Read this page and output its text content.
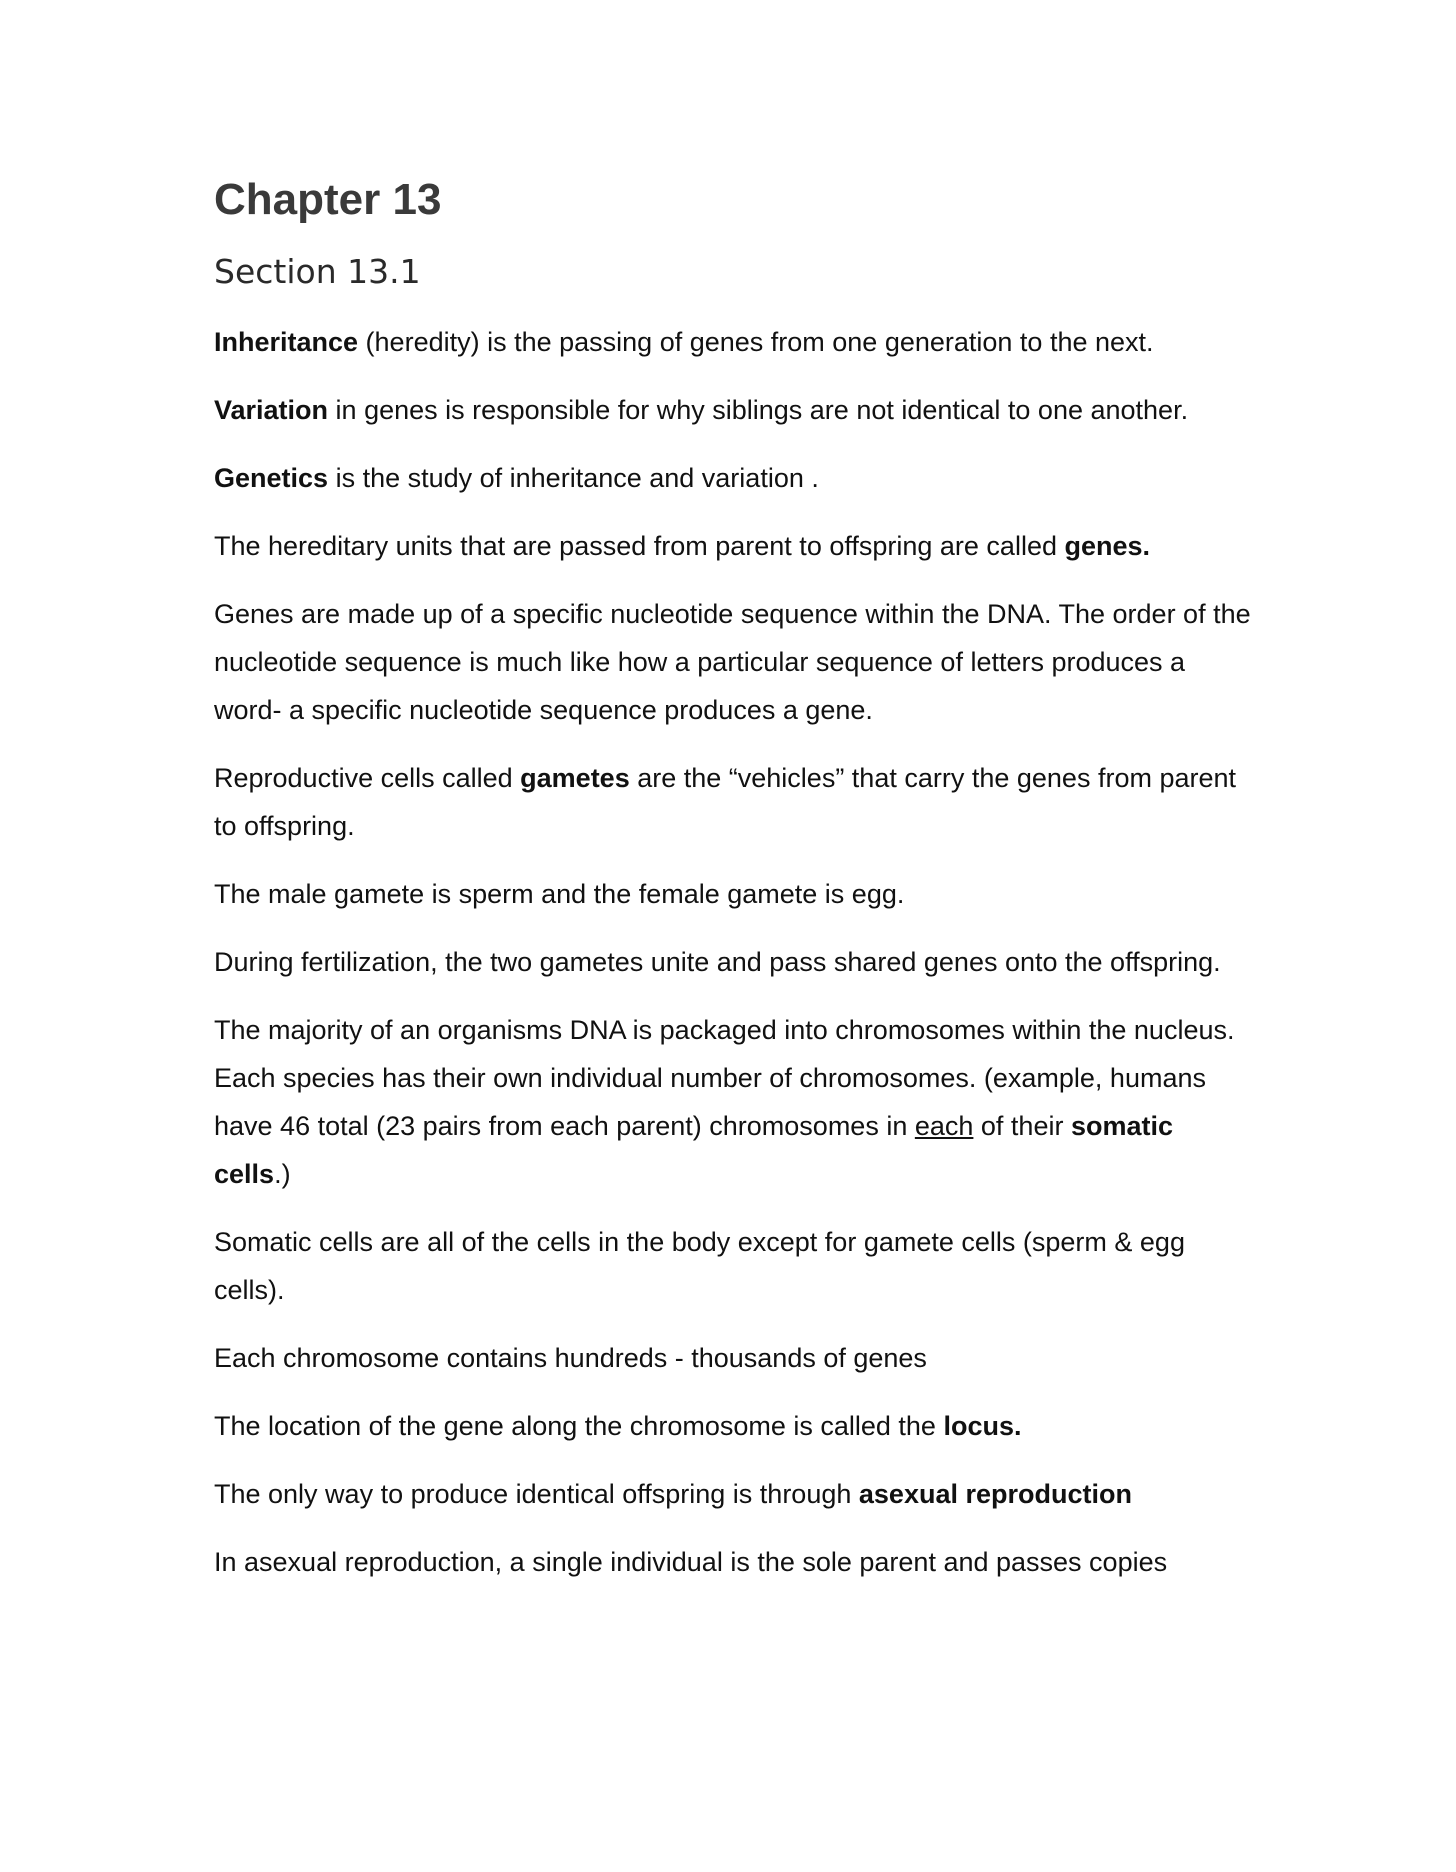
Chapter 13
Section 13.1

Inheritance (heredity) is the passing of genes from one generation to the next.

Variation in genes is responsible for why siblings are not identical to one another.

Genetics is the study of inheritance and variation .

The hereditary units that are passed from parent to offspring are called genes.

Genes are made up of a specific nucleotide sequence within the DNA. The order of the nucleotide sequence is much like how a particular sequence of letters produces a word- a specific nucleotide sequence produces a gene.

Reproductive cells called gametes are the “vehicles” that carry the genes from parent to offspring.

The male gamete is sperm and the female gamete is egg.

During fertilization, the two gametes unite and pass shared genes onto the offspring.

The majority of an organisms DNA is packaged into chromosomes within the nucleus. Each species has their own individual number of chromosomes. (example, humans have 46 total (23 pairs from each parent) chromosomes in each of their somatic cells.)

Somatic cells are all of the cells in the body except for gamete cells (sperm & egg cells).

Each chromosome contains hundreds - thousands of genes

The location of the gene along the chromosome is called the locus.

The only way to produce identical offspring is through asexual reproduction

In asexual reproduction, a single individual is the sole parent and passes copies
